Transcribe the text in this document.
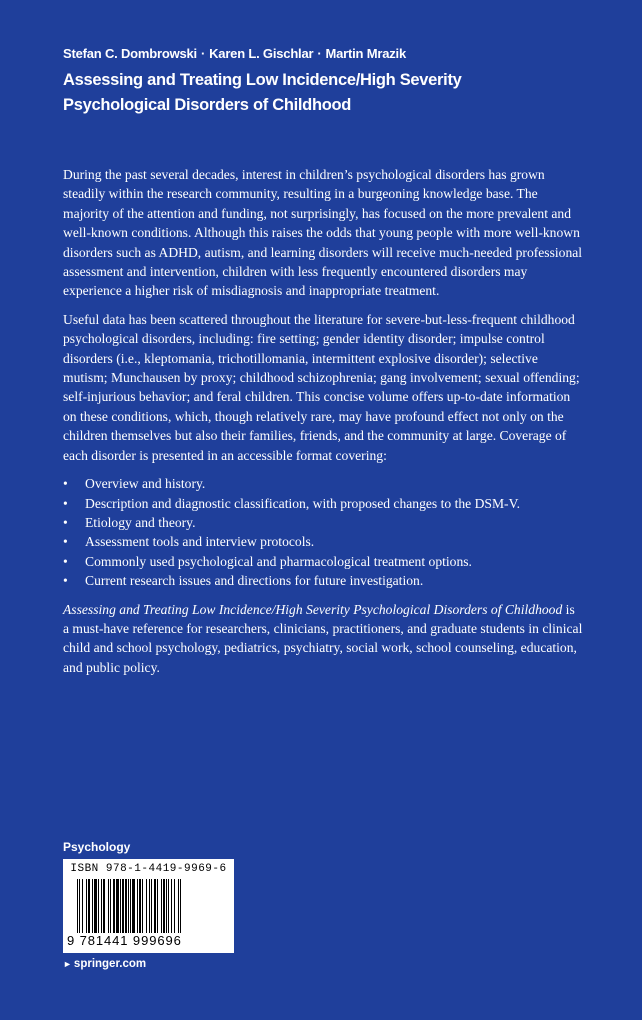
Stefan C. Dombrowski · Karen L. Gischlar · Martin Mrazik
Assessing and Treating Low Incidence/High Severity
Psychological Disorders of Childhood

During the past several decades, interest in children’s psychological disorders has grown steadily within the research community, resulting in a burgeoning knowledge base. The majority of the attention and funding, not surprisingly, has focused on the more prevalent and well-known conditions. Although this raises the odds that young people with more well-known disorders such as ADHD, autism, and learning disorders will receive much-needed professional assessment and intervention, children with less frequently encountered disorders may experience a higher risk of misdiagnosis and inappropriate treatment.

Useful data has been scattered throughout the literature for severe-but-less-frequent childhood psychological disorders, including: fire setting; gender identity disorder; impulse control disorders (i.e., kleptomania, trichotillomania, intermittent explosive disorder); selective mutism; Munchausen by proxy; childhood schizophrenia; gang involvement; sexual offending; self-injurious behavior; and feral children. This concise volume offers up-to-date information on these conditions, which, though relatively rare, may have profound effect not only on the children themselves but also their families, friends, and the community at large. Coverage of each disorder is presented in an accessible format covering:

• Overview and history.
• Description and diagnostic classification, with proposed changes to the DSM-V.
• Etiology and theory.
• Assessment tools and interview protocols.
• Commonly used psychological and pharmacological treatment options.
• Current research issues and directions for future investigation.

Assessing and Treating Low Incidence/High Severity Psychological Disorders of Childhood is a must-have reference for researchers, clinicians, practitioners, and graduate students in clinical child and school psychology, pediatrics, psychiatry, social work, school counseling, education, and public policy.

Psychology
ISBN 978-1-4419-9969-6
9 781441 999696
► springer.com
